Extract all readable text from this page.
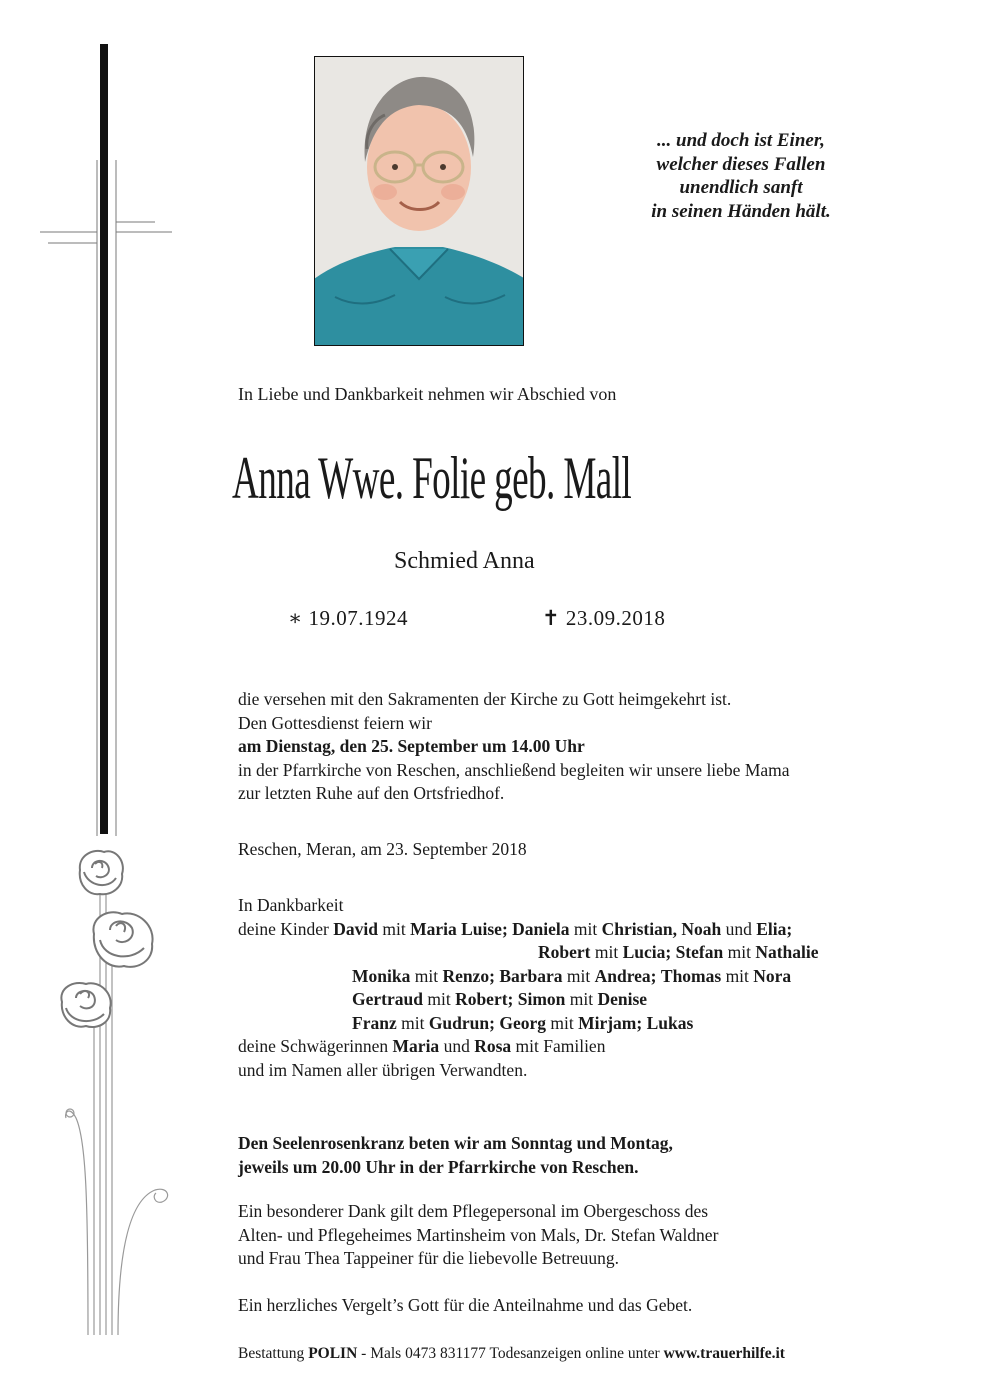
... und doch ist Einer,
welcher dieses Fallen
unendlich sanft
in seinen Händen hält.
In Liebe und Dankbarkeit nehmen wir Abschied von
Anna Wwe. Folie geb. Mall
Schmied Anna
∗ 19.07.1924	✝ 23.09.2018
die versehen mit den Sakramenten der Kirche zu Gott heimgekehrt ist.
Den Gottesdienst feiern wir
am Dienstag, den 25. September um 14.00 Uhr
in der Pfarrkirche von Reschen, anschließend begleiten wir unsere liebe Mama
zur letzten Ruhe auf den Ortsfriedhof.
Reschen, Meran, am 23. September 2018
In Dankbarkeit
deine Kinder David mit Maria Luise; Daniela mit Christian, Noah und Elia;
Robert mit Lucia; Stefan mit Nathalie
Monika mit Renzo; Barbara mit Andrea; Thomas mit Nora
Gertraud mit Robert; Simon mit Denise
Franz mit Gudrun; Georg mit Mirjam; Lukas
deine Schwägerinnen Maria und Rosa mit Familien
und im Namen aller übrigen Verwandten.
Den Seelenrosenkranz beten wir am Sonntag und Montag,
jeweils um 20.00 Uhr in der Pfarrkirche von Reschen.
Ein besonderer Dank gilt dem Pflegepersonal im Obergeschoss des
Alten- und Pflegeheimes Martinsheim von Mals, Dr. Stefan Waldner
und Frau Thea Tappeiner für die liebevolle Betreuung.
Ein herzliches Vergelt’s Gott für die Anteilnahme und das Gebet.
Bestattung POLIN - Mals 0473 831177 Todesanzeigen online unter www.trauerhilfe.it
